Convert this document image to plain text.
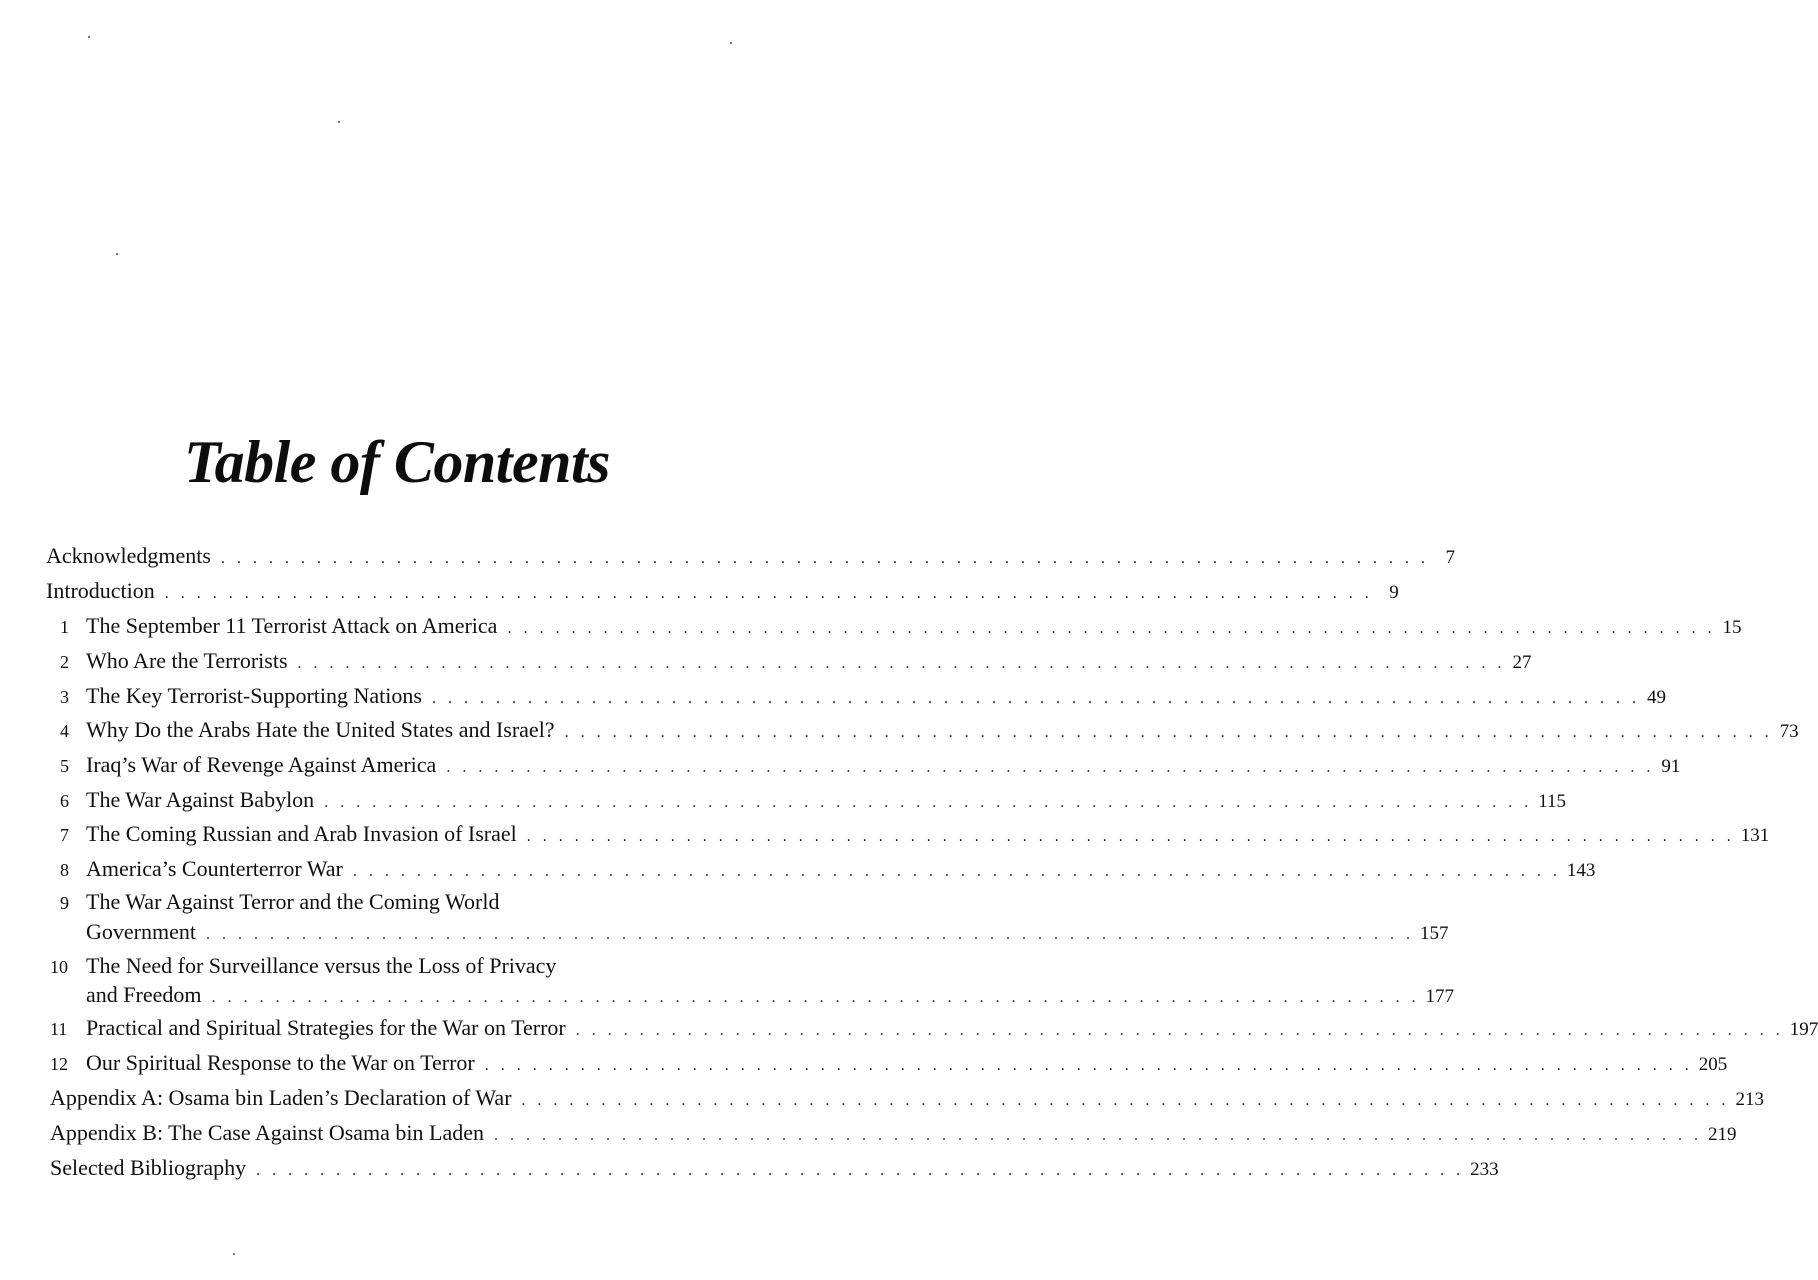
Table of Contents
Acknowledgments . . . . . . . . . . . . . . . . . . . . . . . . . . . . . . . . . . . . . . . . . . . . . . . . . . . . . . . . . . . . . . . . . . . . . . . . . . . . 7
Introduction . . . . . . . . . . . . . . . . . . . . . . . . . . . . . . . . . . . . . . . . . . . . . . . . . . . . . . . . . . . . . . . . . . . . . . . . . . . . 9
1 The September 11 Terrorist Attack on America . . . . . . . . . . . . . . . . . . . . . . . . . . . . . . . . . . . . . . . . . . . . . . . . . . . . . . . . . . . . . . . . . . . . . . . . . . . . 15
2 Who Are the Terrorists . . . . . . . . . . . . . . . . . . . . . . . . . . . . . . . . . . . . . . . . . . . . . . . . . . . . . . . . . . . . . . . . . . . . . . . . . . . . 27
3 The Key Terrorist-Supporting Nations . . . . . . . . . . . . . . . . . . . . . . . . . . . . . . . . . . . . . . . . . . . . . . . . . . . . . . . . . . . . . . . . . . . . . . . . . . . . 49
4 Why Do the Arabs Hate the United States and Israel? . . . . . . . . . . . . . . . . . . . . . . . . . . . . . . . . . . . . . . . . . . . . . . . . . . . . . . . . . . . . . . . . . . . . . . . . . . . . 73
5 Iraq’s War of Revenge Against America . . . . . . . . . . . . . . . . . . . . . . . . . . . . . . . . . . . . . . . . . . . . . . . . . . . . . . . . . . . . . . . . . . . . . . . . . . . . 91
6 The War Against Babylon . . . . . . . . . . . . . . . . . . . . . . . . . . . . . . . . . . . . . . . . . . . . . . . . . . . . . . . . . . . . . . . . . . . . . . . . . . . . 115
7 The Coming Russian and Arab Invasion of Israel . . . . . . . . . . . . . . . . . . . . . . . . . . . . . . . . . . . . . . . . . . . . . . . . . . . . . . . . . . . . . . . . . . . . . . . . . . . . 131
8 America’s Counterterror War . . . . . . . . . . . . . . . . . . . . . . . . . . . . . . . . . . . . . . . . . . . . . . . . . . . . . . . . . . . . . . . . . . . . . . . . . . . . 143
9 The War Against Terror and the Coming World
Government . . . . . . . . . . . . . . . . . . . . . . . . . . . . . . . . . . . . . . . . . . . . . . . . . . . . . . . . . . . . . . . . . . . . . . . . . . . . 157
10 The Need for Surveillance versus the Loss of Privacy
and Freedom . . . . . . . . . . . . . . . . . . . . . . . . . . . . . . . . . . . . . . . . . . . . . . . . . . . . . . . . . . . . . . . . . . . . . . . . . . . . 177
11 Practical and Spiritual Strategies for the War on Terror . . . . . . . . . . . . . . . . . . . . . . . . . . . . . . . . . . . . . . . . . . . . . . . . . . . . . . . . . . . . . . . . . . . . . . . . . . . . 197
12 Our Spiritual Response to the War on Terror . . . . . . . . . . . . . . . . . . . . . . . . . . . . . . . . . . . . . . . . . . . . . . . . . . . . . . . . . . . . . . . . . . . . . . . . . . . . 205
Appendix A: Osama bin Laden’s Declaration of War . . . . . . . . . . . . . . . . . . . . . . . . . . . . . . . . . . . . . . . . . . . . . . . . . . . . . . . . . . . . . . . . . . . . . . . . . . . . 213
Appendix B: The Case Against Osama bin Laden . . . . . . . . . . . . . . . . . . . . . . . . . . . . . . . . . . . . . . . . . . . . . . . . . . . . . . . . . . . . . . . . . . . . . . . . . . . . 219
Selected Bibliography . . . . . . . . . . . . . . . . . . . . . . . . . . . . . . . . . . . . . . . . . . . . . . . . . . . . . . . . . . . . . . . . . . . . . . . . . . . . 233
